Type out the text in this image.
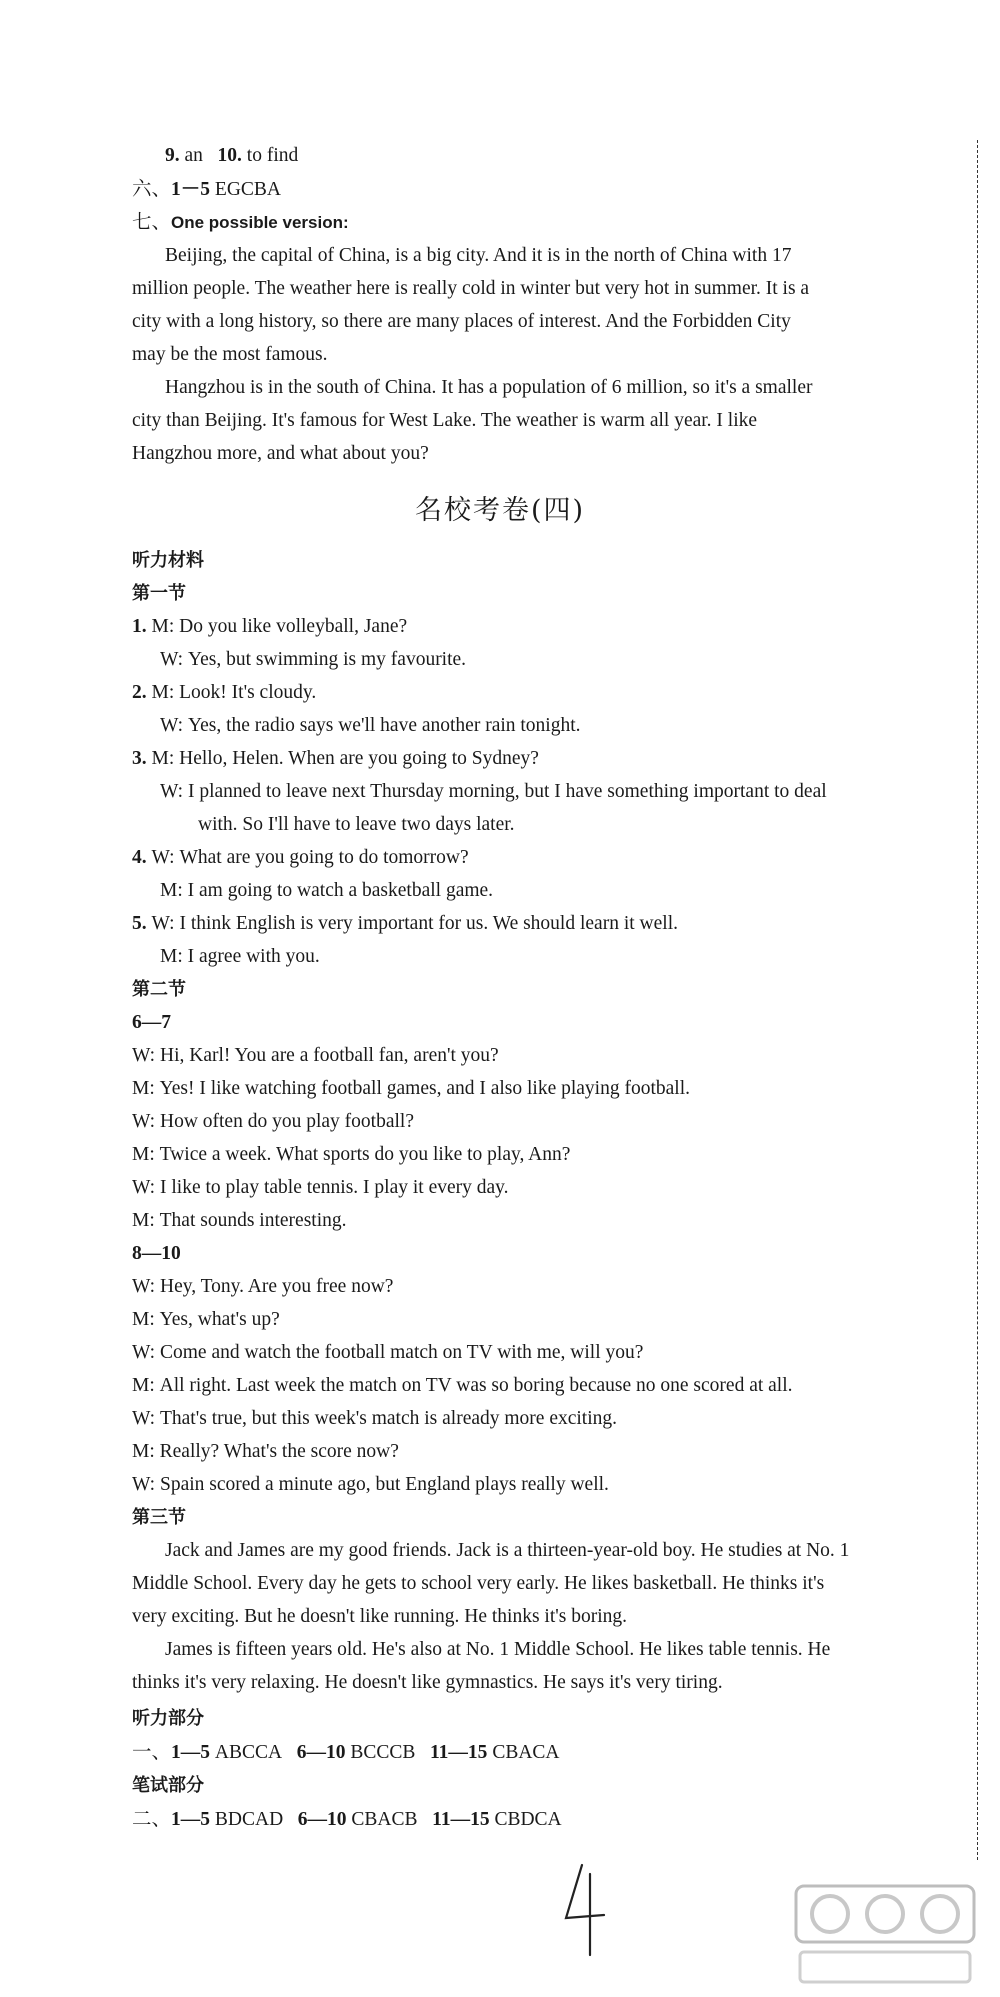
9. an 10. to find
六、1－5 EGCBA
七、One possible version:
Beijing, the capital of China, is a big city. And it is in the north of China with 17
million people. The weather here is really cold in winter but very hot in summer. It is a
city with a long history, so there are many places of interest. And the Forbidden City
may be the most famous.
Hangzhou is in the south of China. It has a population of 6 million, so it's a smaller
city than Beijing. It's famous for West Lake. The weather is warm all year. I like
Hangzhou more, and what about you?
名校考卷(四)
听力材料
第一节
1. M: Do you like volleyball, Jane?
W: Yes, but swimming is my favourite.
2. M: Look! It's cloudy.
W: Yes, the radio says we'll have another rain tonight.
3. M: Hello, Helen. When are you going to Sydney?
W: I planned to leave next Thursday morning, but I have something important to deal
with. So I'll have to leave two days later.
4. W: What are you going to do tomorrow?
M: I am going to watch a basketball game.
5. W: I think English is very important for us. We should learn it well.
M: I agree with you.
第二节
6—7
W: Hi, Karl! You are a football fan, aren't you?
M: Yes! I like watching football games, and I also like playing football.
W: How often do you play football?
M: Twice a week. What sports do you like to play, Ann?
W: I like to play table tennis. I play it every day.
M: That sounds interesting.
8—10
W: Hey, Tony. Are you free now?
M: Yes, what's up?
W: Come and watch the football match on TV with me, will you?
M: All right. Last week the match on TV was so boring because no one scored at all.
W: That's true, but this week's match is already more exciting.
M: Really? What's the score now?
W: Spain scored a minute ago, but England plays really well.
第三节
Jack and James are my good friends. Jack is a thirteen-year-old boy. He studies at No. 1
Middle School. Every day he gets to school very early. He likes basketball. He thinks it's
very exciting. But he doesn't like running. He thinks it's boring.
James is fifteen years old. He's also at No. 1 Middle School. He likes table tennis. He
thinks it's very relaxing. He doesn't like gymnastics. He says it's very tiring.
听力部分
一、1—5 ABCCA 6—10 BCCCB 11—15 CBACA
笔试部分
二、1—5 BDCAD 6—10 CBACB 11—15 CBDCA
